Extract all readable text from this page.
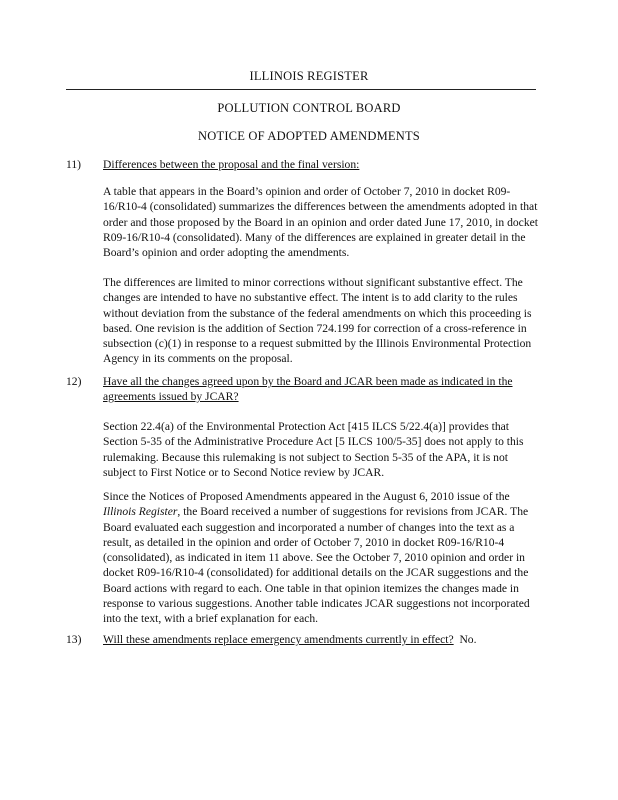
ILLINOIS REGISTER
POLLUTION CONTROL BOARD
NOTICE OF ADOPTED AMENDMENTS
11)	Differences between the proposal and the final version:
A table that appears in the Board’s opinion and order of October 7, 2010 in docket R09-16/R10-4 (consolidated) summarizes the differences between the amendments adopted in that order and those proposed by the Board in an opinion and order dated June 17, 2010, in docket R09-16/R10-4 (consolidated). Many of the differences are explained in greater detail in the Board’s opinion and order adopting the amendments.
The differences are limited to minor corrections without significant substantive effect. The changes are intended to have no substantive effect. The intent is to add clarity to the rules without deviation from the substance of the federal amendments on which this proceeding is based. One revision is the addition of Section 724.199 for correction of a cross-reference in subsection (c)(1) in response to a request submitted by the Illinois Environmental Protection Agency in its comments on the proposal.
12)	Have all the changes agreed upon by the Board and JCAR been made as indicated in the agreements issued by JCAR?
Section 22.4(a) of the Environmental Protection Act [415 ILCS 5/22.4(a)] provides that Section 5-35 of the Administrative Procedure Act [5 ILCS 100/5-35] does not apply to this rulemaking. Because this rulemaking is not subject to Section 5-35 of the APA, it is not subject to First Notice or to Second Notice review by JCAR.
Since the Notices of Proposed Amendments appeared in the August 6, 2010 issue of the Illinois Register, the Board received a number of suggestions for revisions from JCAR. The Board evaluated each suggestion and incorporated a number of changes into the text as a result, as detailed in the opinion and order of October 7, 2010 in docket R09-16/R10-4 (consolidated), as indicated in item 11 above. See the October 7, 2010 opinion and order in docket R09-16/R10-4 (consolidated) for additional details on the JCAR suggestions and the Board actions with regard to each. One table in that opinion itemizes the changes made in response to various suggestions. Another table indicates JCAR suggestions not incorporated into the text, with a brief explanation for each.
13)	Will these amendments replace emergency amendments currently in effect? No.
